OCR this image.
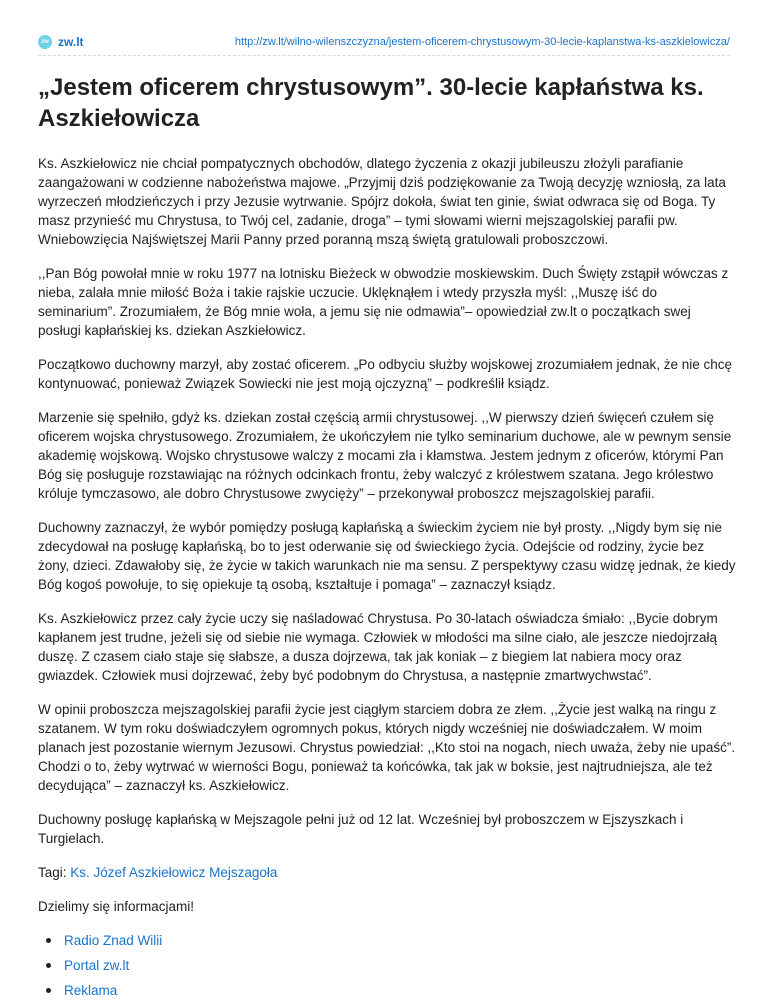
zw zw.lt	http://zw.lt/wilno-wilenszczyzna/jestem-oficerem-chrystusowym-30-lecie-kaplanstwa-ks-aszkielowicza/
„Jestem oficerem chrystusowym”. 30-lecie kapłaństwa ks. Aszkiełowicza

Ks. Aszkiełowicz nie chciał pompatycznych obchodów, dlatego życzenia z okazji jubileuszu złożyli parafianie zaangażowani w codzienne nabożeństwa majowe. „Przyjmij dziś podziękowanie za Twoją decyzję wzniosłą, za lata wyrzeczeń młodzieńczych i przy Jezusie wytrwanie. Spójrz dokoła, świat ten ginie, świat odwraca się od Boga. Ty masz przynieść mu Chrystusa, to Twój cel, zadanie, droga” – tymi słowami wierni mejszagolskiej parafii pw. Wniebowzięcia Najświętszej Marii Panny przed poranną mszą świętą gratulowali proboszczowi.

,,Pan Bóg powołał mnie w roku 1977 na lotnisku Bieżeck w obwodzie moskiewskim. Duch Święty zstąpił wówczas z nieba, zalała mnie miłość Boża i takie rajskie uczucie. Uklęknąłem i wtedy przyszła myśl: ,,Muszę iść do seminarium”. Zrozumiałem, że Bóg mnie woła, a jemu się nie odmawia”– opowiedział zw.lt o początkach swej posługi kapłańskiej ks. dziekan Aszkiełowicz.

Początkowo duchowny marzył, aby zostać oficerem. „Po odbyciu służby wojskowej zrozumiałem jednak, że nie chcę kontynuować, ponieważ Związek Sowiecki nie jest moją ojczyzną” – podkreślił ksiądz.

Marzenie się spełniło, gdyż ks. dziekan został częścią armii chrystusowej. ,,W pierwszy dzień święceń czułem się oficerem wojska chrystusowego. Zrozumiałem, że ukończyłem nie tylko seminarium duchowe, ale w pewnym sensie akademię wojskową. Wojsko chrystusowe walczy z mocami zła i kłamstwa. Jestem jednym z oficerów, którymi Pan Bóg się posługuje rozstawiając na różnych odcinkach frontu, żeby walczyć z królestwem szatana. Jego królestwo króluje tymczasowo, ale dobro Chrystusowe zwycięży” – przekonywał proboszcz mejszagolskiej parafii.

Duchowny zaznaczył, że wybór pomiędzy posługą kapłańską a świeckim życiem nie był prosty. ,,Nigdy bym się nie zdecydował na posługę kapłańską, bo to jest oderwanie się od świeckiego życia. Odejście od rodziny, życie bez żony, dzieci. Zdawałoby się, że życie w takich warunkach nie ma sensu. Z perspektywy czasu widzę jednak, że kiedy Bóg kogoś powołuje, to się opiekuje tą osobą, kształtuje i pomaga” – zaznaczył ksiądz.

Ks. Aszkiełowicz przez cały życie uczy się naśladować Chrystusa. Po 30-latach oświadcza śmiało: ,,Bycie dobrym kapłanem jest trudne, jeżeli się od siebie nie wymaga. Człowiek w młodości ma silne ciało, ale jeszcze niedojrzałą duszę. Z czasem ciało staje się słabsze, a dusza dojrzewa, tak jak koniak – z biegiem lat nabiera mocy oraz gwiazdek. Człowiek musi dojrzewać, żeby być podobnym do Chrystusa, a następnie zmartwychwstać”.

W opinii proboszcza mejszagolskiej parafii życie jest ciągłym starciem dobra ze złem. ,,Życie jest walką na ringu z szatanem. W tym roku doświadczyłem ogromnych pokus, których nigdy wcześniej nie doświadczałem. W moim planach jest pozostanie wiernym Jezusowi. Chrystus powiedział: ,,Kto stoi na nogach, niech uważa, żeby nie upaść”. Chodzi o to, żeby wytrwać w wierności Bogu, ponieważ ta końcówka, tak jak w boksie, jest najtrudniejsza, ale też decydująca” – zaznaczył ks. Aszkiełowicz.

Duchowny posługę kapłańską w Mejszagole pełni już od 12 lat. Wcześniej był proboszczem w Ejszyszkach i Turgielach.

Tagi: Ks. Józef Aszkiełowicz Mejszagoła

Dzielimy się informacjami!

Radio Znad Wilii
Portal zw.lt
Reklama
